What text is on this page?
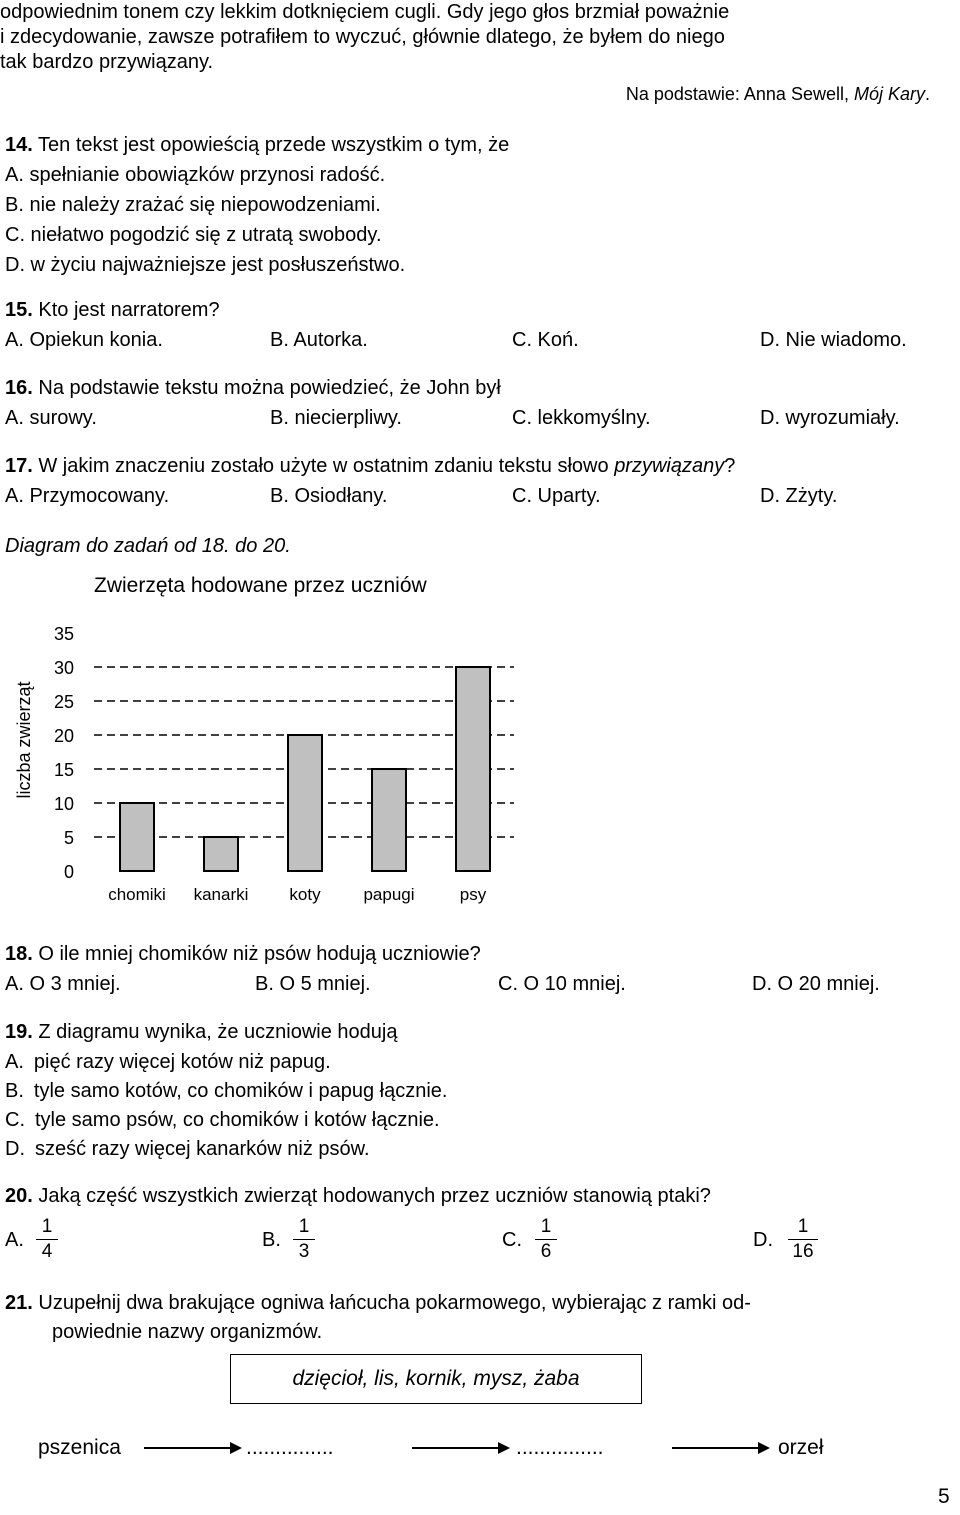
odpowiednim tonem czy lekkim dotknięciem cugli. Gdy jego głos brzmiał poważnie
i zdecydowanie, zawsze potrafiłem to wyczuć, głównie dlatego, że byłem do niego
tak bardzo przywiązany.
Na podstawie: Anna Sewell, Mój Kary.
14. Ten tekst jest opowieścią przede wszystkim o tym, że
A. spełnianie obowiązków przynosi radość.
B. nie należy zrażać się niepowodzeniami.
C. niełatwo pogodzić się z utratą swobody.
D. w życiu najważniejsze jest posłuszeństwo.
15. Kto jest narratorem?
A. Opiekun konia.	B. Autorka.	C. Koń.	D. Nie wiadomo.
16. Na podstawie tekstu można powiedzieć, że John był
A. surowy.	B. niecierpliwy.	C. lekkomyślny.	D. wyrozumiały.
17. W jakim znaczeniu zostało użyte w ostatnim zdaniu tekstu słowo przywiązany?
A. Przymocowany.	B. Osiodłany.	C. Uparty.	D. Zżyty.
Diagram do zadań od 18. do 20.
Zwierzęta hodowane przez uczniów
liczba zwierząt
0
5
10
15
20
25
30
35
chomiki kanarki koty	papugi	psy
18. O ile mniej chomików niż psów hodują uczniowie?
A. O 3 mniej.	B. O 5 mniej.	C. O 10 mniej.	D. O 20 mniej.
19. Z diagramu wynika, że uczniowie hodują
A. pięć razy więcej kotów niż papug.
B. tyle samo kotów, co chomików i papug łącznie.
C. tyle samo psów, co chomików i kotów łącznie.
D. sześć razy więcej kanarków niż psów.
20. Jaką część wszystkich zwierząt hodowanych przez uczniów stanowią ptaki?
A.
1
4
B.
1
3
C.
1
6
D.
1
16
21. Uzupełnij dwa brakujące ogniwa łańcucha pokarmowego, wybierając z ramki od-
powiednie nazwy organizmów.
dzięcioł, lis, kornik, mysz, żaba
pszenica	...............	...............	orzeł
5
